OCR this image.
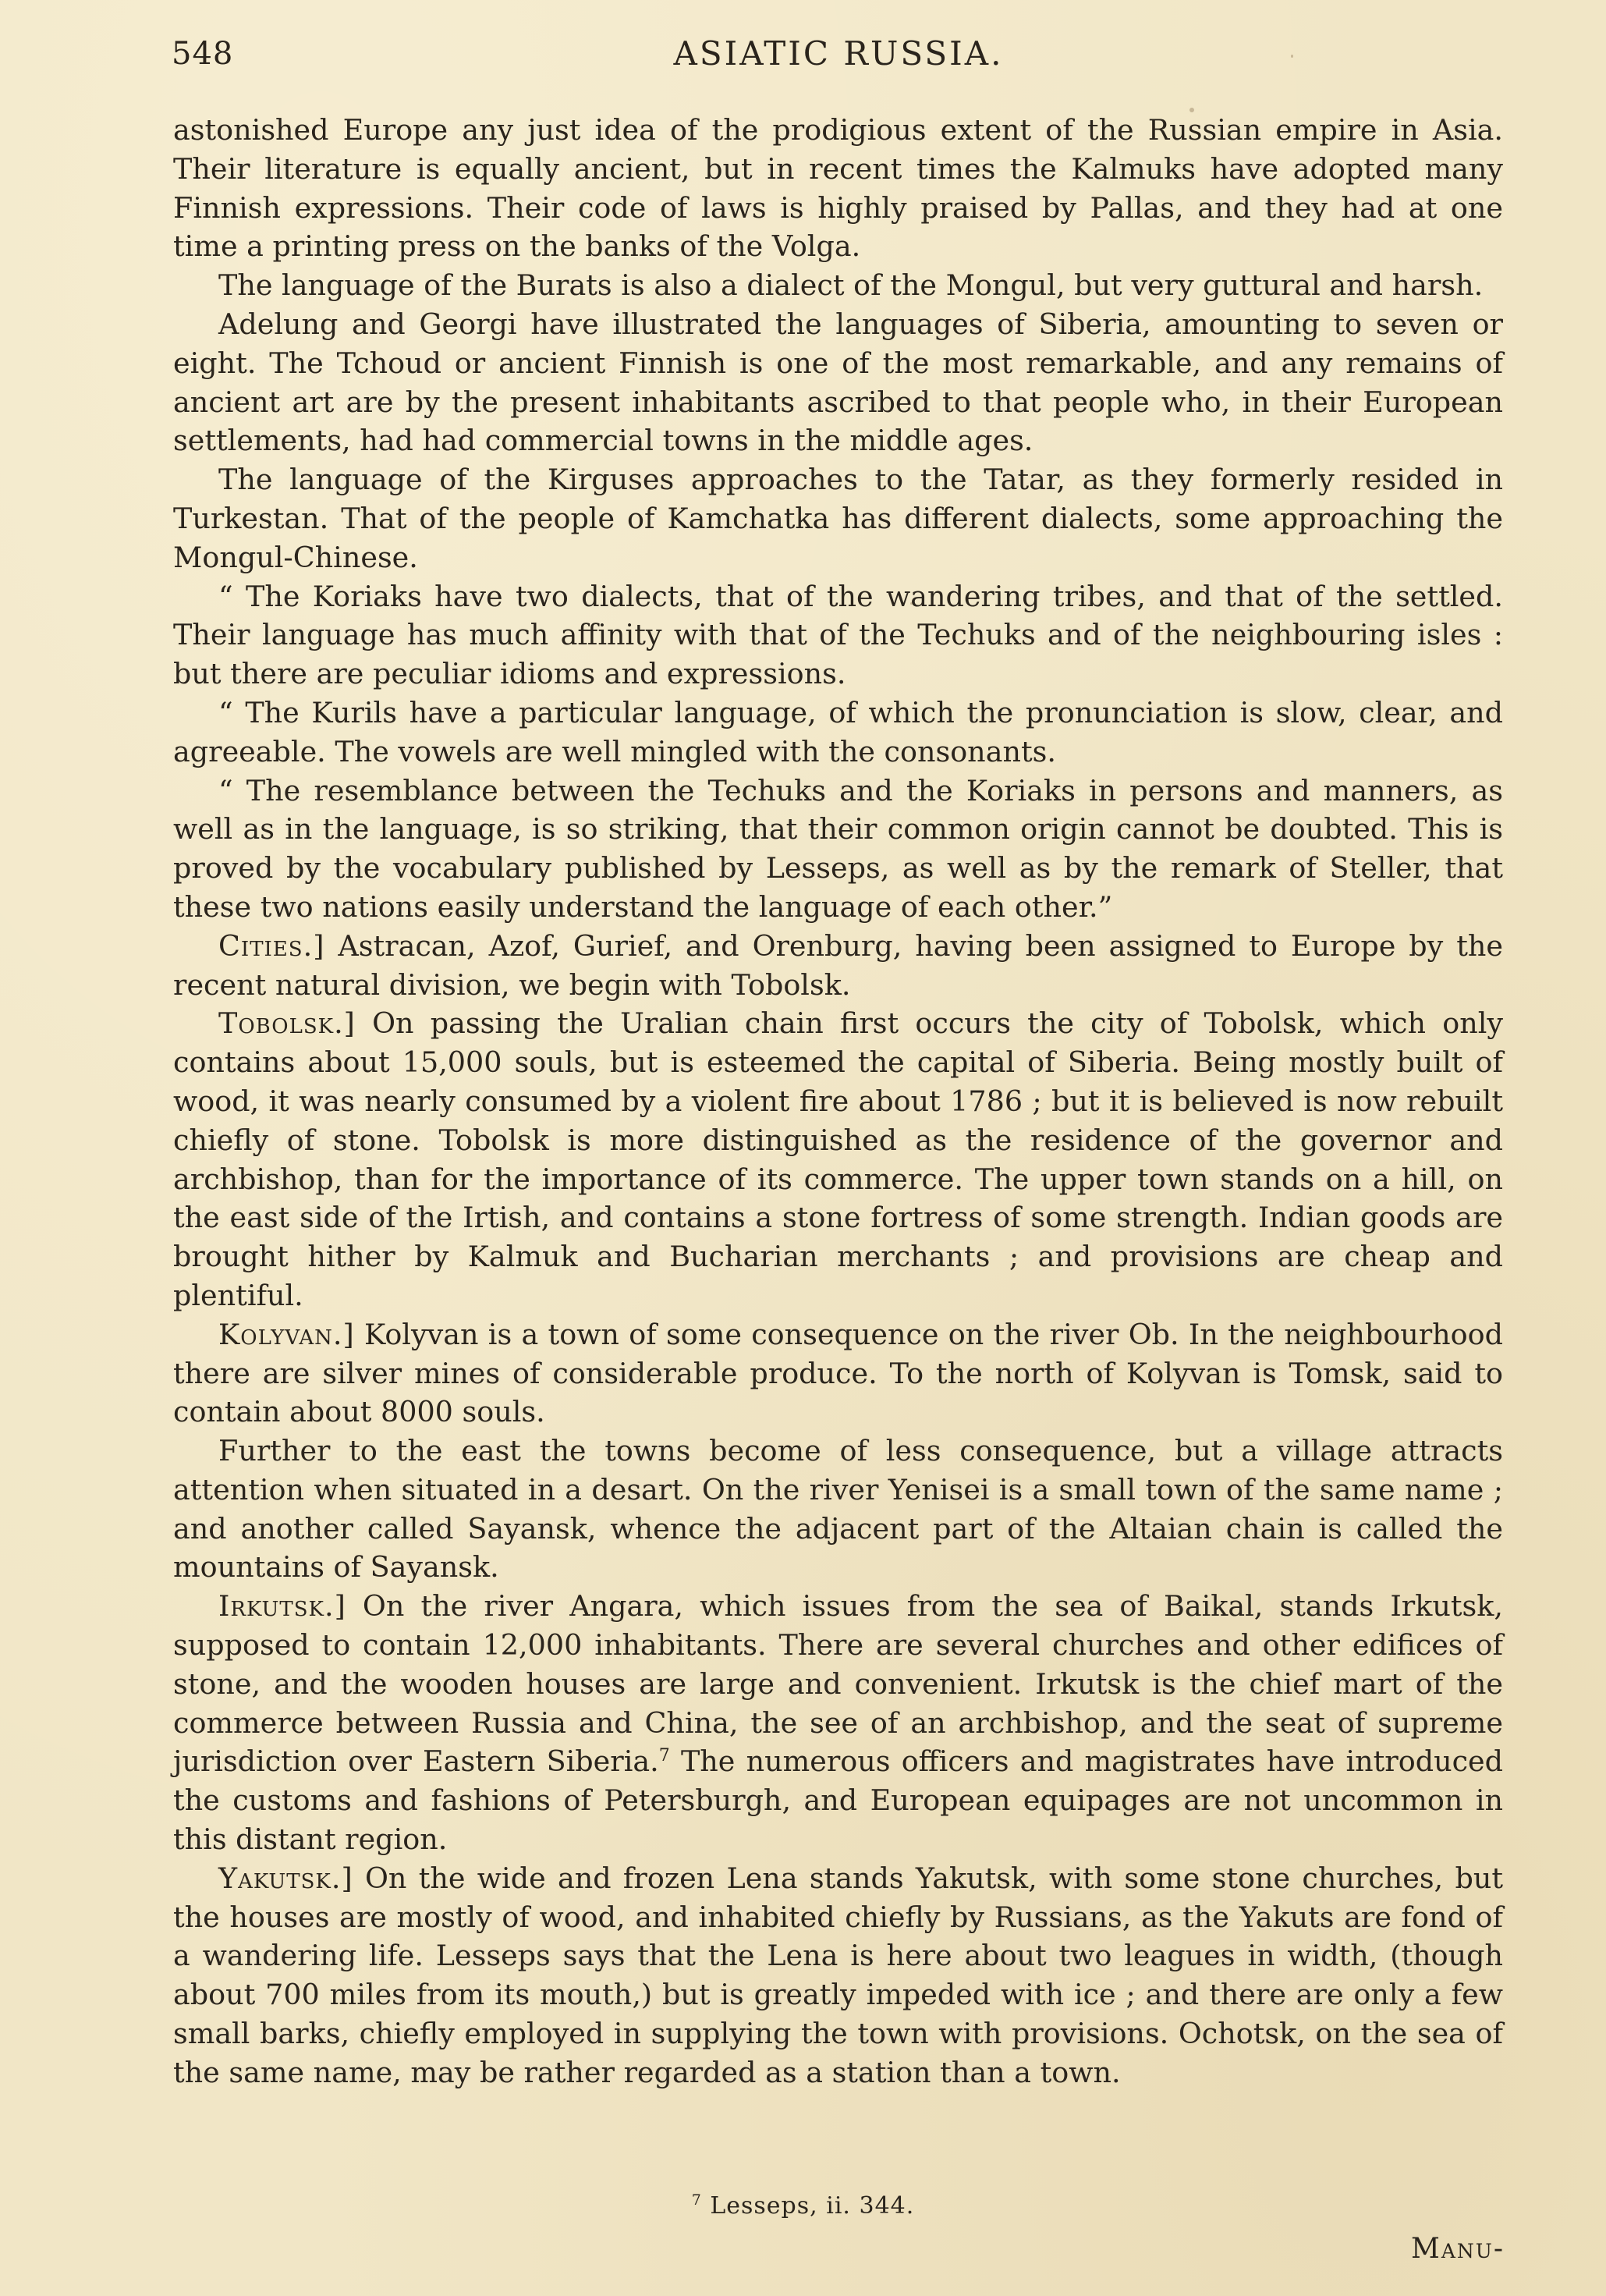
548	ASIATIC RUSSIA.

astonished Europe any just idea of the prodigious extent of the Russian empire in Asia. Their literature is equally ancient, but in recent times the Kalmuks have adopted many Finnish expressions. Their code of laws is highly praised by Pallas, and they had at one time a printing press on the banks of the Volga.

The language of the Burats is also a dialect of the Mongul, but very guttural and harsh.

Adelung and Georgi have illustrated the languages of Siberia, amounting to seven or eight. The Tchoud or ancient Finnish is one of the most remarkable, and any remains of ancient art are by the present inhabitants ascribed to that people who, in their European settlements, had had commercial towns in the middle ages.

The language of the Kirguses approaches to the Tatar, as they formerly resided in Turkestan. That of the people of Kamchatka has different dialects, some approaching the Mongul-Chinese.

“ The Koriaks have two dialects, that of the wandering tribes, and that of the settled. Their language has much affinity with that of the Techuks and of the neighbouring isles : but there are peculiar idioms and expressions.

“ The Kurils have a particular language, of which the pronunciation is slow, clear, and agreeable. The vowels are well mingled with the consonants.

“ The resemblance between the Techuks and the Koriaks in persons and manners, as well as in the language, is so striking, that their common origin cannot be doubted. This is proved by the vocabulary published by Lesseps, as well as by the remark of Steller, that these two nations easily understand the language of each other.”

Cities.] Astracan, Azof, Gurief, and Orenburg, having been assigned to Europe by the recent natural division, we begin with Tobolsk.

Tobolsk.] On passing the Uralian chain first occurs the city of Tobolsk, which only contains about 15,000 souls, but is esteemed the capital of Siberia. Being mostly built of wood, it was nearly consumed by a violent fire about 1786 ; but it is believed is now rebuilt chiefly of stone. Tobolsk is more distinguished as the residence of the governor and archbishop, than for the importance of its commerce. The upper town stands on a hill, on the east side of the Irtish, and contains a stone fortress of some strength. Indian goods are brought hither by Kalmuk and Bucharian merchants ; and provisions are cheap and plentiful.

Kolyvan.] Kolyvan is a town of some consequence on the river Ob. In the neighbourhood there are silver mines of considerable produce. To the north of Kolyvan is Tomsk, said to contain about 8000 souls.

Further to the east the towns become of less consequence, but a village attracts attention when situated in a desart. On the river Yenisei is a small town of the same name ; and another called Sayansk, whence the adjacent part of the Altaian chain is called the mountains of Sayansk.

Irkutsk.] On the river Angara, which issues from the sea of Baikal, stands Irkutsk, supposed to contain 12,000 inhabitants. There are several churches and other edifices of stone, and the wooden houses are large and convenient. Irkutsk is the chief mart of the commerce between Russia and China, the see of an archbishop, and the seat of supreme jurisdiction over Eastern Siberia.$^7$ The numerous officers and magistrates have introduced the customs and fashions of Petersburgh, and European equipages are not uncommon in this distant region.

Yakutsk.] On the wide and frozen Lena stands Yakutsk, with some stone churches, but the houses are mostly of wood, and inhabited chiefly by Russians, as the Yakuts are fond of a wandering life. Lesseps says that the Lena is here about two leagues in width, (though about 700 miles from its mouth,) but is greatly impeded with ice ; and there are only a few small barks, chiefly employed in supplying the town with provisions. Ochotsk, on the sea of the same name, may be rather regarded as a station than a town.

$^7$ Lesseps, ii. 344.
Manu-
